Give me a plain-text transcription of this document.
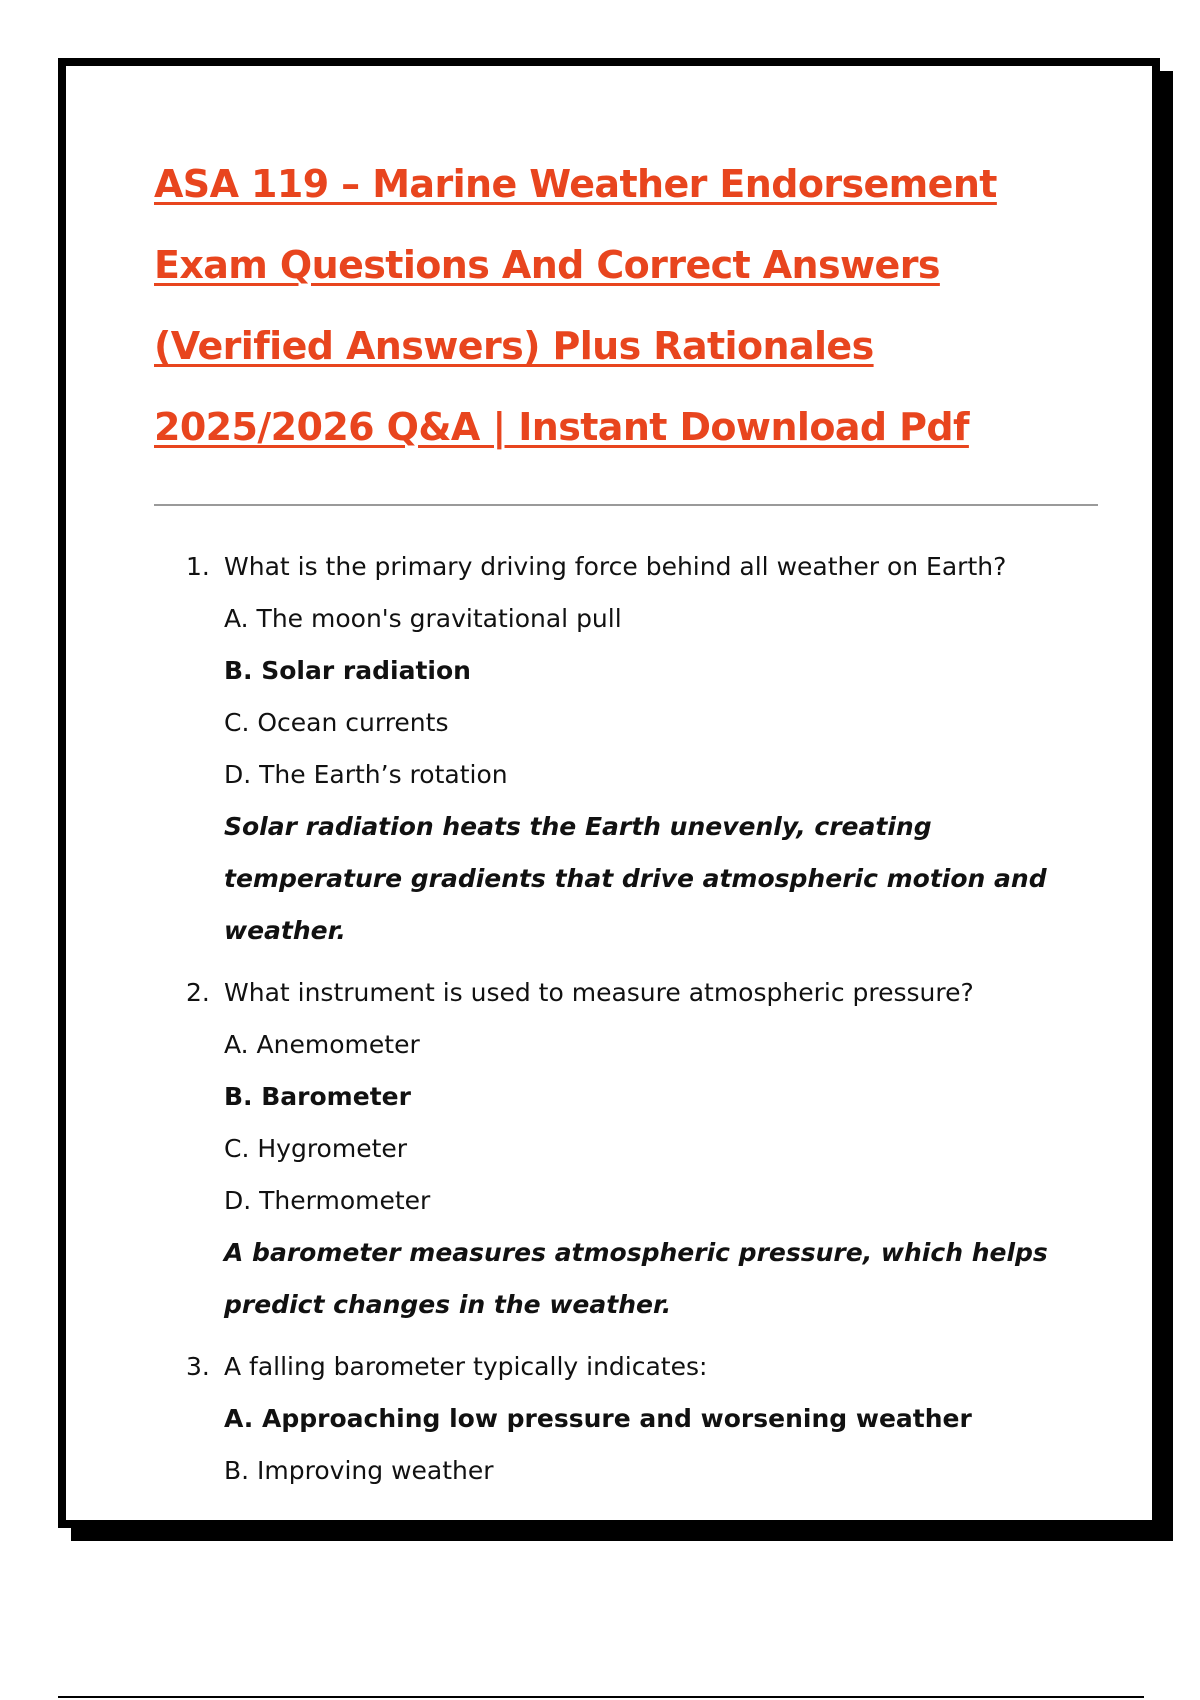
ASA 119 – Marine Weather Endorsement
Exam Questions And Correct Answers
(Verified Answers) Plus Rationales
2025/2026 Q&A | Instant Download Pdf
1. What is the primary driving force behind all weather on Earth?

A. The moon's gravitational pull

B. Solar radiation

C. Ocean currents

D. The Earth’s rotation

Solar radiation heats the Earth unevenly, creating temperature gradients that drive atmospheric motion and weather.

2. What instrument is used to measure atmospheric pressure?

A. Anemometer

B. Barometer

C. Hygrometer

D. Thermometer

A barometer measures atmospheric pressure, which helps predict changes in the weather.

3. A falling barometer typically indicates:

A. Approaching low pressure and worsening weather

B. Improving weather
